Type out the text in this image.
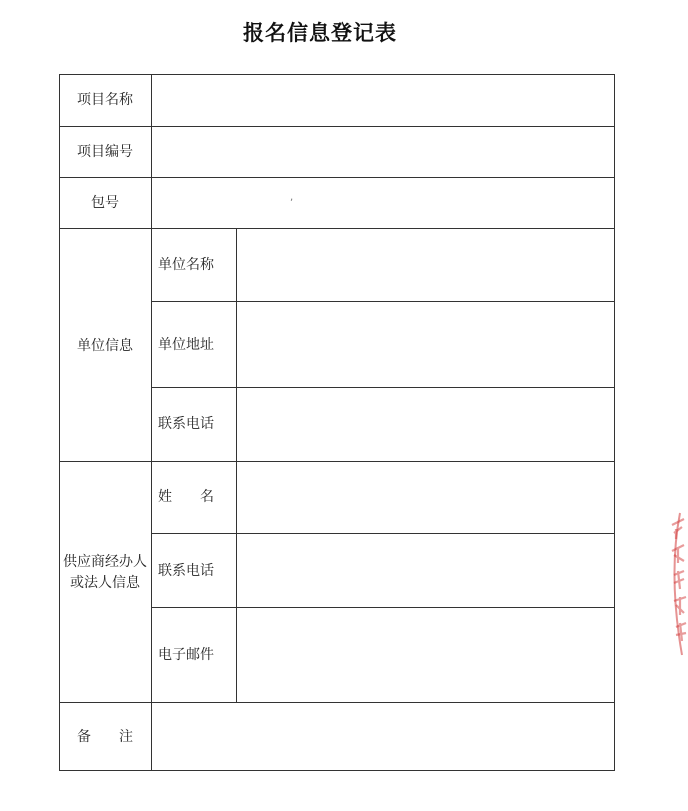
报名信息登记表
项目名称
项目编号
包号	,
单位信息
单位名称
单位地址
联系电话
供应商经办人或法人信息
姓　　名
联系电话
电子邮件
备　　注
